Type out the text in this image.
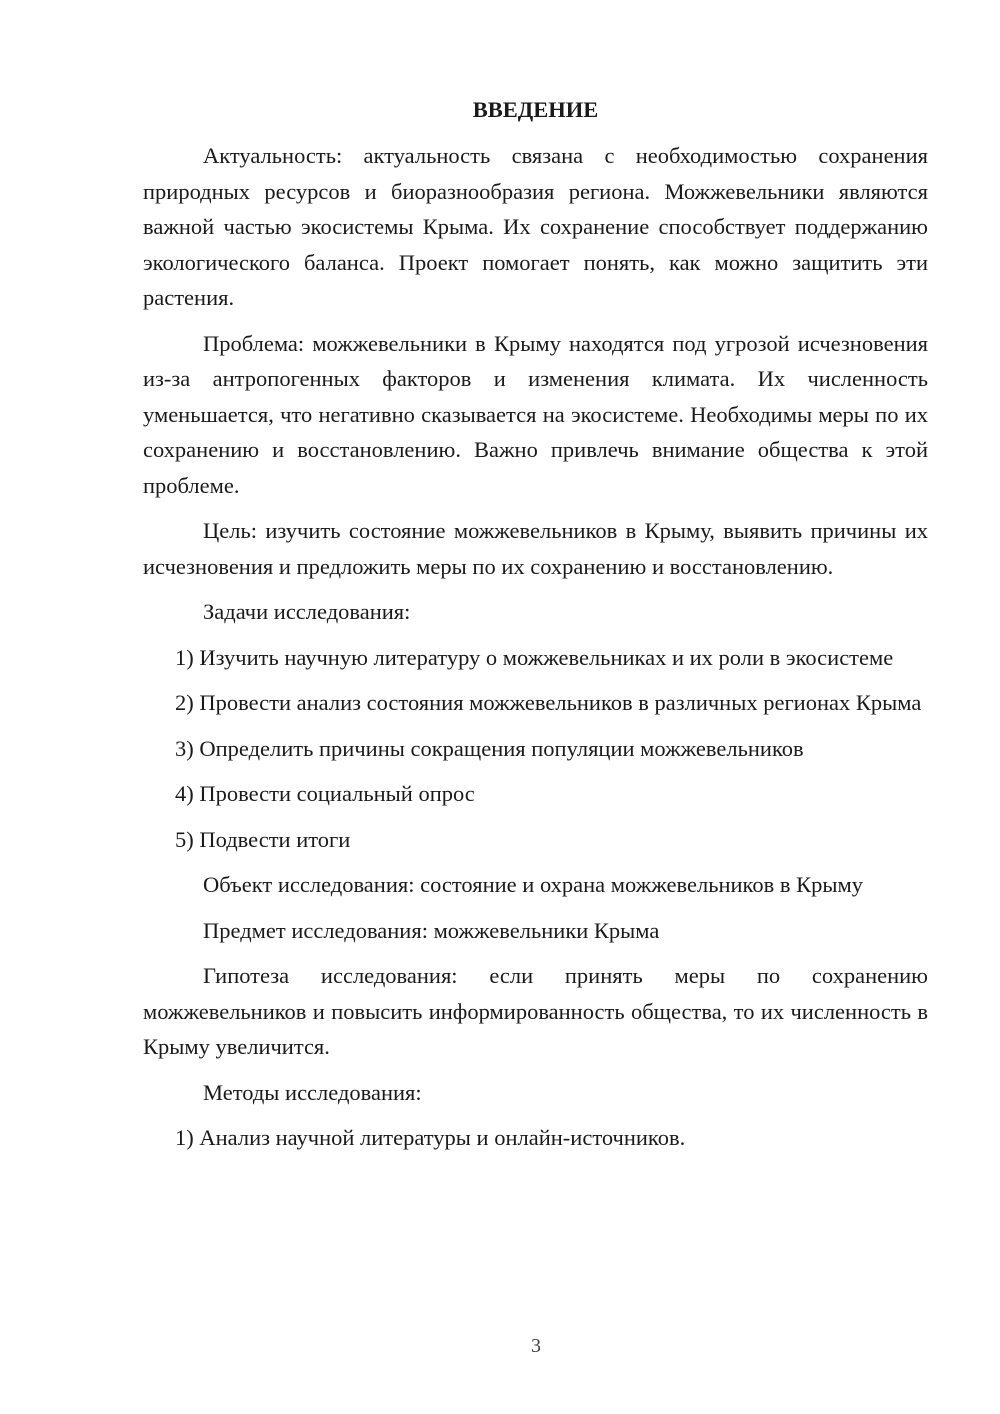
ВВЕДЕНИЕ

Актуальность: актуальность связана с необходимостью сохранения природных ресурсов и биоразнообразия региона. Можжевельники являются важной частью экосистемы Крыма. Их сохранение способствует поддержанию экологического баланса. Проект помогает понять, как можно защитить эти растения.

Проблема: можжевельники в Крыму находятся под угрозой исчезновения из-за антропогенных факторов и изменения климата. Их численность уменьшается, что негативно сказывается на экосистеме. Необходимы меры по их сохранению и восстановлению. Важно привлечь внимание общества к этой проблеме.

Цель: изучить состояние можжевельников в Крыму, выявить причины их исчезновения и предложить меры по их сохранению и восстановлению.

Задачи исследования:

1) Изучить научную литературу о можжевельниках и их роли в экосистеме

2) Провести анализ состояния можжевельников в различных регионах Крыма

3) Определить причины сокращения популяции можжевельников

4) Провести социальный опрос

5) Подвести итоги

Объект исследования: состояние и охрана можжевельников в Крыму

Предмет исследования: можжевельники Крыма

Гипотеза исследования: если принять меры по сохранению можжевельников и повысить информированность общества, то их численность в Крыму увеличится.

Методы исследования:

1) Анализ научной литературы и онлайн-источников.

3
